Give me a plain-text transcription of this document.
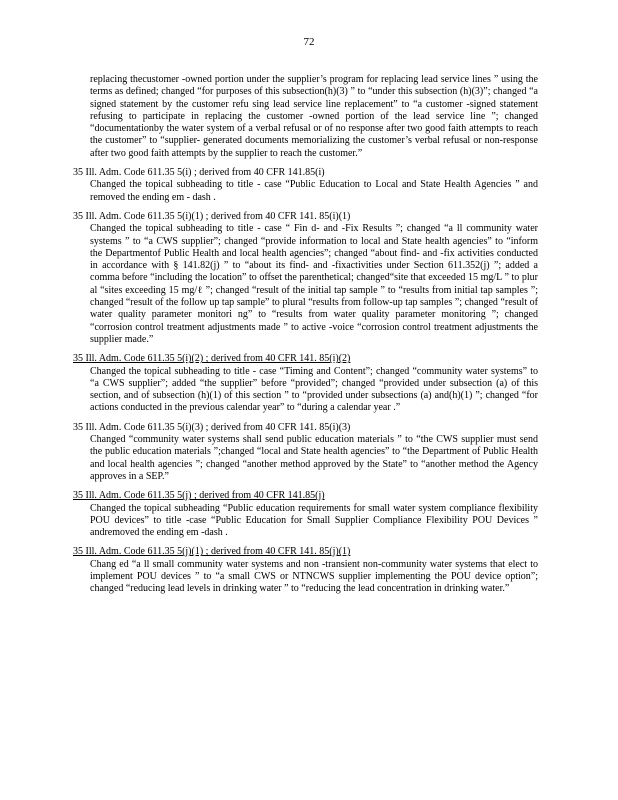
72

replacing thecustomer -owned portion under the supplier’s program for replacing lead service lines ” using the terms as defined; changed “for purposes of this subsection(h)(3) ” to “under this subsection (h)(3)”; changed “a signed statement by the customer refu sing lead service line replacement” to “a customer -signed statement refusing to participate in replacing the customer -owned portion of the lead service line ”; changed “documentationby the water system of a verbal refusal or of no response after two good faith attempts to reach the customer” to “supplier- generated documents memorializing the customer’s verbal refusal or non-response after two good faith attempts by the supplier to reach the customer.”

35 Ill. Adm. Code 611.35 5(i) ; derived from 40 CFR 141.85(i)
Changed the topical subheading to title - case “Public Education to Local and State Health Agencies ” and removed the ending em - dash .
35 Ill. Adm. Code 611.35 5(i)(1) ; derived from 40 CFR 141. 85(i)(1)
Changed the topical subheading to title - case “ Fin d- and -Fix Results ”; changed “a ll community water systems ” to “a CWS supplier”; changed “provide information to local and State health agencies” to “inform the Departmentof Public Health and local health agencies”; changed “about find- and -fix activities conducted in accordance with § 141.82(j) ” to “about its find- and -fixactivities under Section 611.352(j) ”; added a comma before “including the location” to offset the parenthetical; changed“site that exceeded 15 mg/L ” to plur al “sites exceeding 15 mg/ℓ ”; changed “result of the initial tap sample ” to “results from initial tap samples ”; changed “result of the follow up tap sample” to plural “results from follow-up tap samples ”; changed “result of water quality parameter monitori ng” to “results from water quality parameter monitoring ”; changed “corrosion control treatment adjustments made ” to active -voice “corrosion control treatment adjustments the supplier made.”
35 Ill. Adm. Code 611.35 5(i)(2) ; derived from 40 CFR 141. 85(i)(2)
Changed the topical subheading to title - case “Timing and Content”; changed “community water systems” to “a CWS supplier”; added “the supplier” before “provided”; changed “provided under subsection (a) of this section, and of subsection (h)(1) of this section ” to “provided under subsections (a) and(h)(1) ”; changed “for actions conducted in the previous calendar year” to “during a calendar year .”
35 Ill. Adm. Code 611.35 5(i)(3) ; derived from 40 CFR 141. 85(i)(3)
Changed “community water systems shall send public education materials ” to “the CWS supplier must send the public education materials ”;changed “local and State health agencies” to “the Department of Public Health and local health agencies ”; changed “another method approved by the State” to “another method the Agency approves in a SEP.”
35 Ill. Adm. Code 611.35 5(j) ; derived from 40 CFR 141.85(j)
Changed the topical subheading “Public education requirements for small water system compliance flexibility POU devices” to title -case “Public Education for Small Supplier Compliance Flexibility POU Devices ” andremoved the ending em -dash .
35 Ill. Adm. Code 611.35 5(j)(1) ; derived from 40 CFR 141. 85(j)(1)
Chang ed “a ll small community water systems and non -transient non-community water systems that elect to implement POU devices ” to “a small CWS or NTNCWS supplier implementing the POU device option”; changed “reducing lead levels in drinking water ” to “reducing the lead concentration in drinking water.”
